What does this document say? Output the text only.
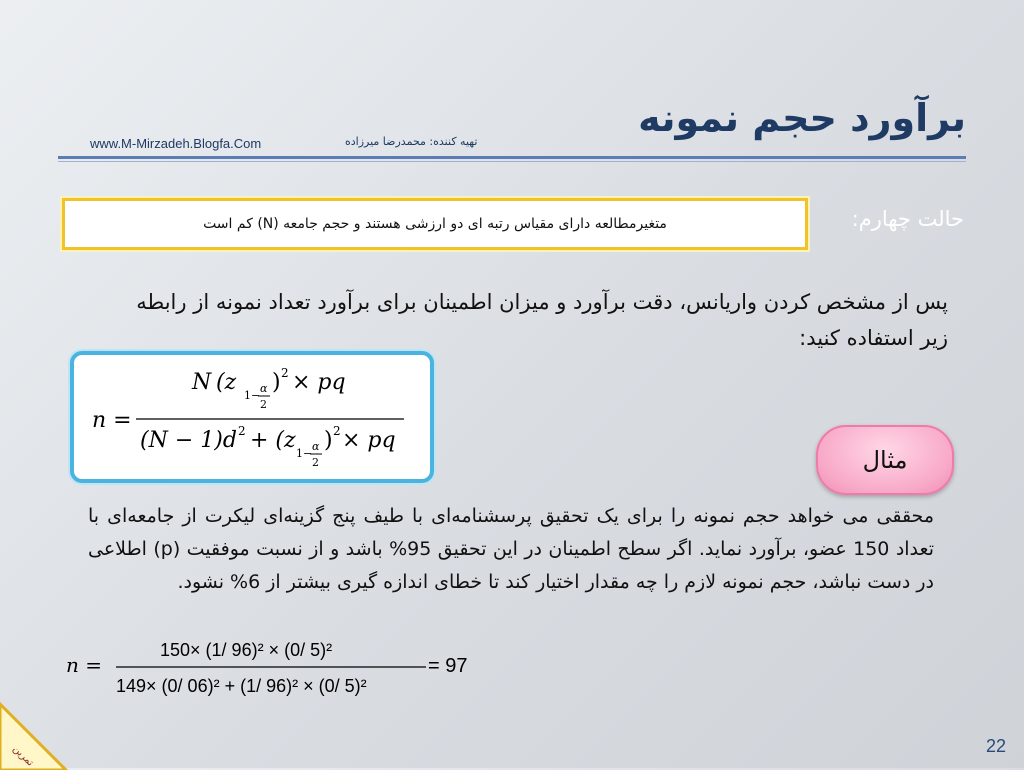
برآورد حجم نمونه
www.M-Mirzadeh.Blogfa.Com	تهیه کننده: محمدرضا میرزاده
حالت چهارم:
متغیرمطالعه دارای مقیاس رتبه ای دو ارزشی هستند و حجم جامعه (N) کم است
پس از مشخص کردن واریانس، دقت برآورد و میزان اطمینان برای برآورد تعداد نمونه از رابطه زیر استفاده کنید:
n =
N (z
1−
α
2
) 2 × pq
(N − 1)d 2 + (z
1−
α
2
) 2 × pq
مثال
محققی می خواهد حجم نمونه را برای یک تحقیق پرسشنامه‌ای با طیف پنج گزینه‌ای لیکرت از جامعه‌ای با تعداد 150 عضو، برآورد نماید. اگر سطح اطمینان در این تحقیق 95% باشد و از نسبت موفقیت (p) اطلاعی در دست نباشد، حجم نمونه لازم را چه مقدار اختیار کند تا خطای اندازه گیری بیشتر از 6% نشود.
n =
150× (1/ 96)² × (0/ 5)²
149× (0/ 06)² + (1/ 96)² × (0/ 5)²
= 97
تمرین	22
